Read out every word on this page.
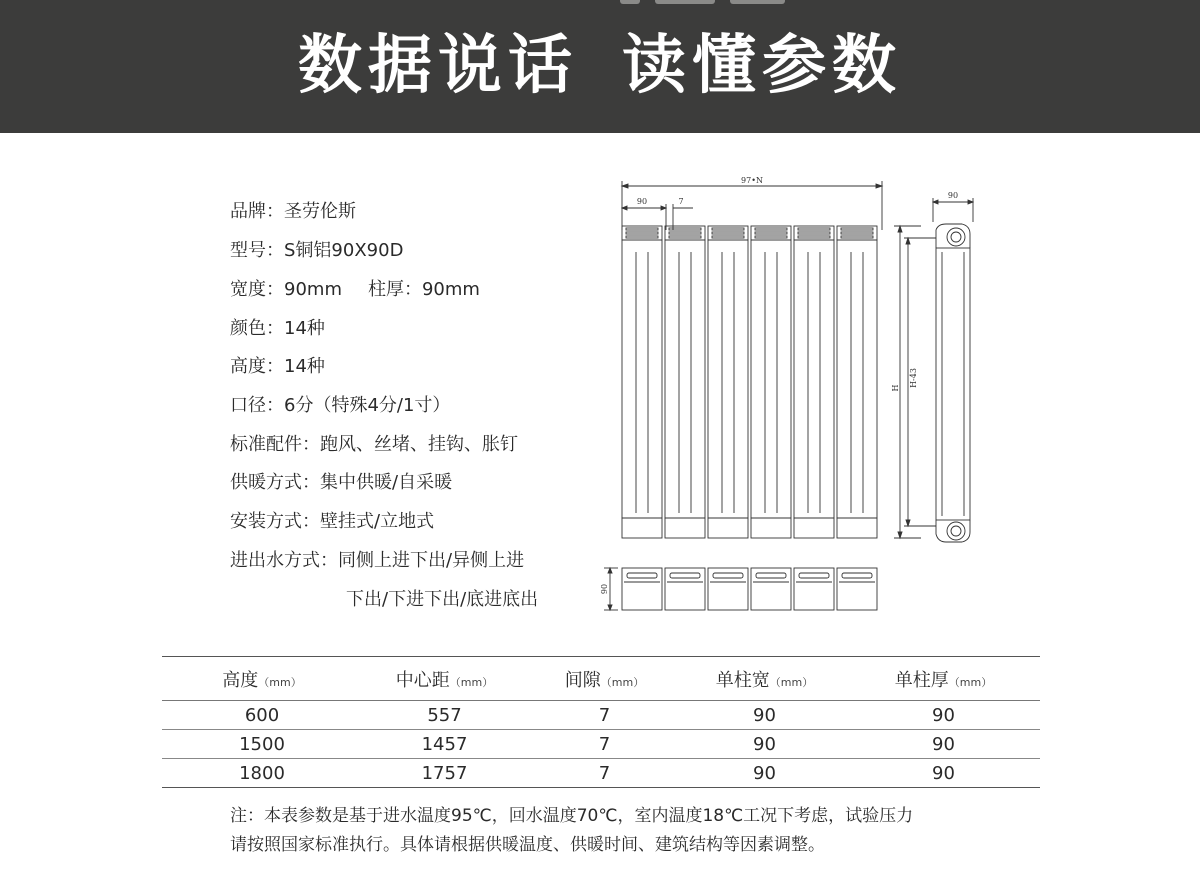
数据说话 读懂参数
品牌：圣劳伦斯
型号：S铜铝90X90D
宽度：90mm 柱厚：90mm
颜色：14种
高度：14种
口径：6分（特殊4分/1寸）
标准配件：跑风、丝堵、挂钩、胀钉
供暖方式：集中供暖/自采暖
安装方式：壁挂式/立地式
进出水方式：同侧上进下出/异侧上进
下出/下进下出/底进底出
97•N
90	7
H
H-43
90
90
高度（mm）	中心距（mm）	间隙（mm）	单柱宽（mm）	单柱厚（mm）
600	557	7	90	90
1500	1457	7	90	90
1800	1757	7	90	90
注：本表参数是基于进水温度95℃，回水温度70℃，室内温度18℃工况下考虑，试验压力
请按照国家标准执行。具体请根据供暖温度、供暖时间、建筑结构等因素调整。
